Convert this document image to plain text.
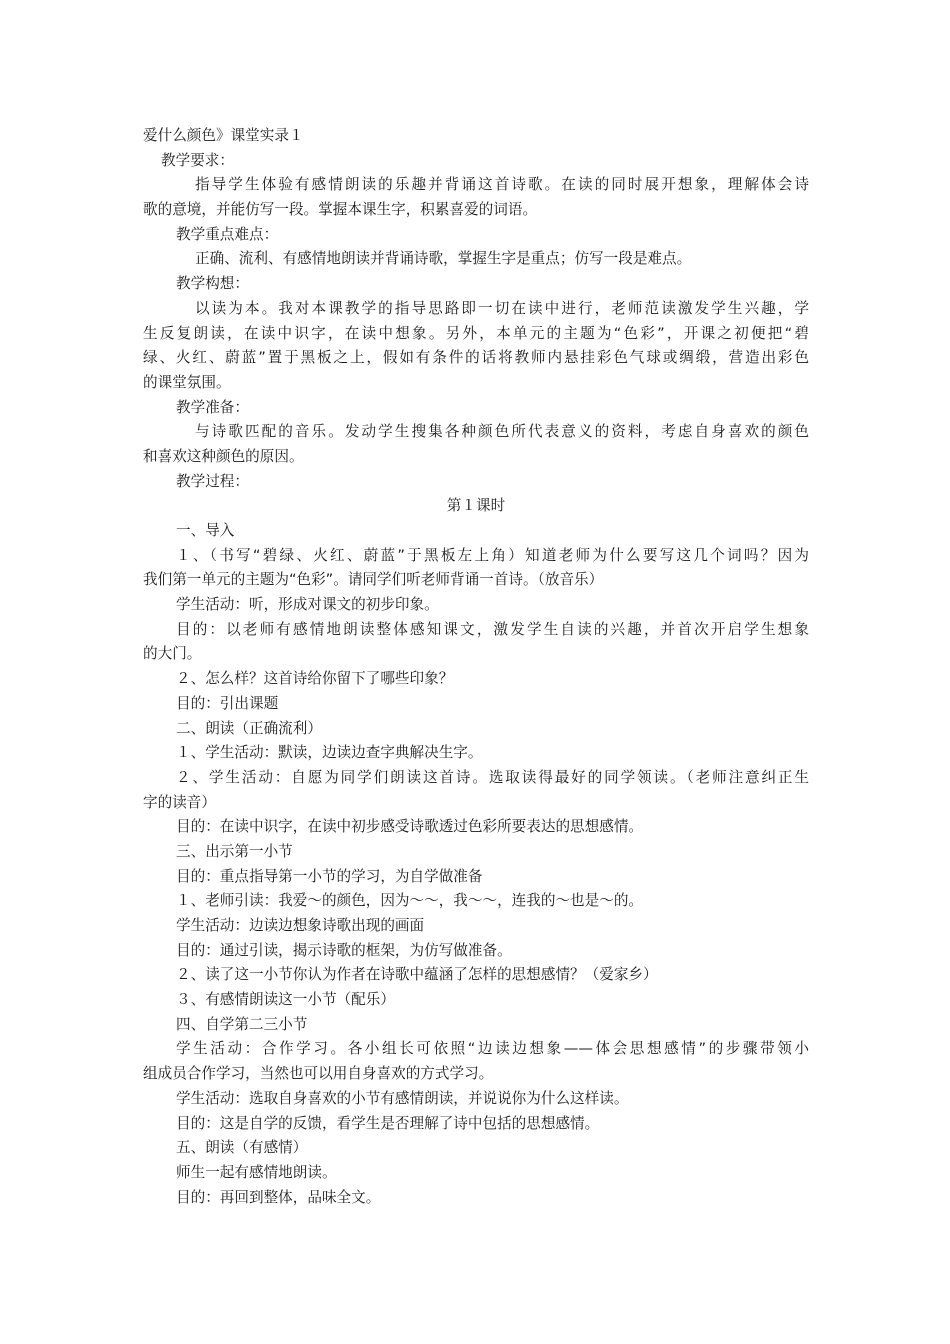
爱什么颜色》课堂实录１
教学要求：
指导学生体验有感情朗读的乐趣并背诵这首诗歌。在读的同时展开想象，理解体会诗
歌的意境，并能仿写一段。掌握本课生字，积累喜爱的词语。
教学重点难点：
正确、流利、有感情地朗读并背诵诗歌，掌握生字是重点；仿写一段是难点。
教学构想：
以读为本。我对本课教学的指导思路即一切在读中进行，老师范读激发学生兴趣，学
生反复朗读，在读中识字，在读中想象。另外，本单元的主题为“色彩”，开课之初便把“碧
绿、火红、蔚蓝”置于黑板之上，假如有条件的话将教师内悬挂彩色气球或绸缎，营造出彩色
的课堂氛围。
教学准备：
与诗歌匹配的音乐。发动学生搜集各种颜色所代表意义的资料，考虑自身喜欢的颜色
和喜欢这种颜色的原因。
教学过程：
第１课时
一、导入
１、（书写“碧绿、火红、蔚蓝”于黑板左上角）知道老师为什么要写这几个词吗？因为
我们第一单元的主题为“色彩”。请同学们听老师背诵一首诗。（放音乐）
学生活动：听，形成对课文的初步印象。
目的：以老师有感情地朗读整体感知课文，激发学生自读的兴趣，并首次开启学生想象
的大门。
２、怎么样？这首诗给你留下了哪些印象？
目的：引出课题
二、朗读（正确流利）
１、学生活动：默读，边读边查字典解决生字。
２、学生活动：自愿为同学们朗读这首诗。选取读得最好的同学领读。（老师注意纠正生
字的读音）
目的：在读中识字，在读中初步感受诗歌透过色彩所要表达的思想感情。
三、出示第一小节
目的：重点指导第一小节的学习，为自学做准备
１、老师引读：我爱～的颜色，因为～～，我～～，连我的～也是～的。
学生活动：边读边想象诗歌出现的画面
目的：通过引读，揭示诗歌的框架，为仿写做准备。
２、读了这一小节你认为作者在诗歌中蕴涵了怎样的思想感情？（爱家乡）
３、有感情朗读这一小节（配乐）
四、自学第二三小节
学生活动：合作学习。各小组长可依照“边读边想象——体会思想感情”的步骤带领小
组成员合作学习，当然也可以用自身喜欢的方式学习。
学生活动：选取自身喜欢的小节有感情朗读，并说说你为什么这样读。
目的：这是自学的反馈，看学生是否理解了诗中包括的思想感情。
五、朗读（有感情）
师生一起有感情地朗读。
目的：再回到整体，品味全文。
